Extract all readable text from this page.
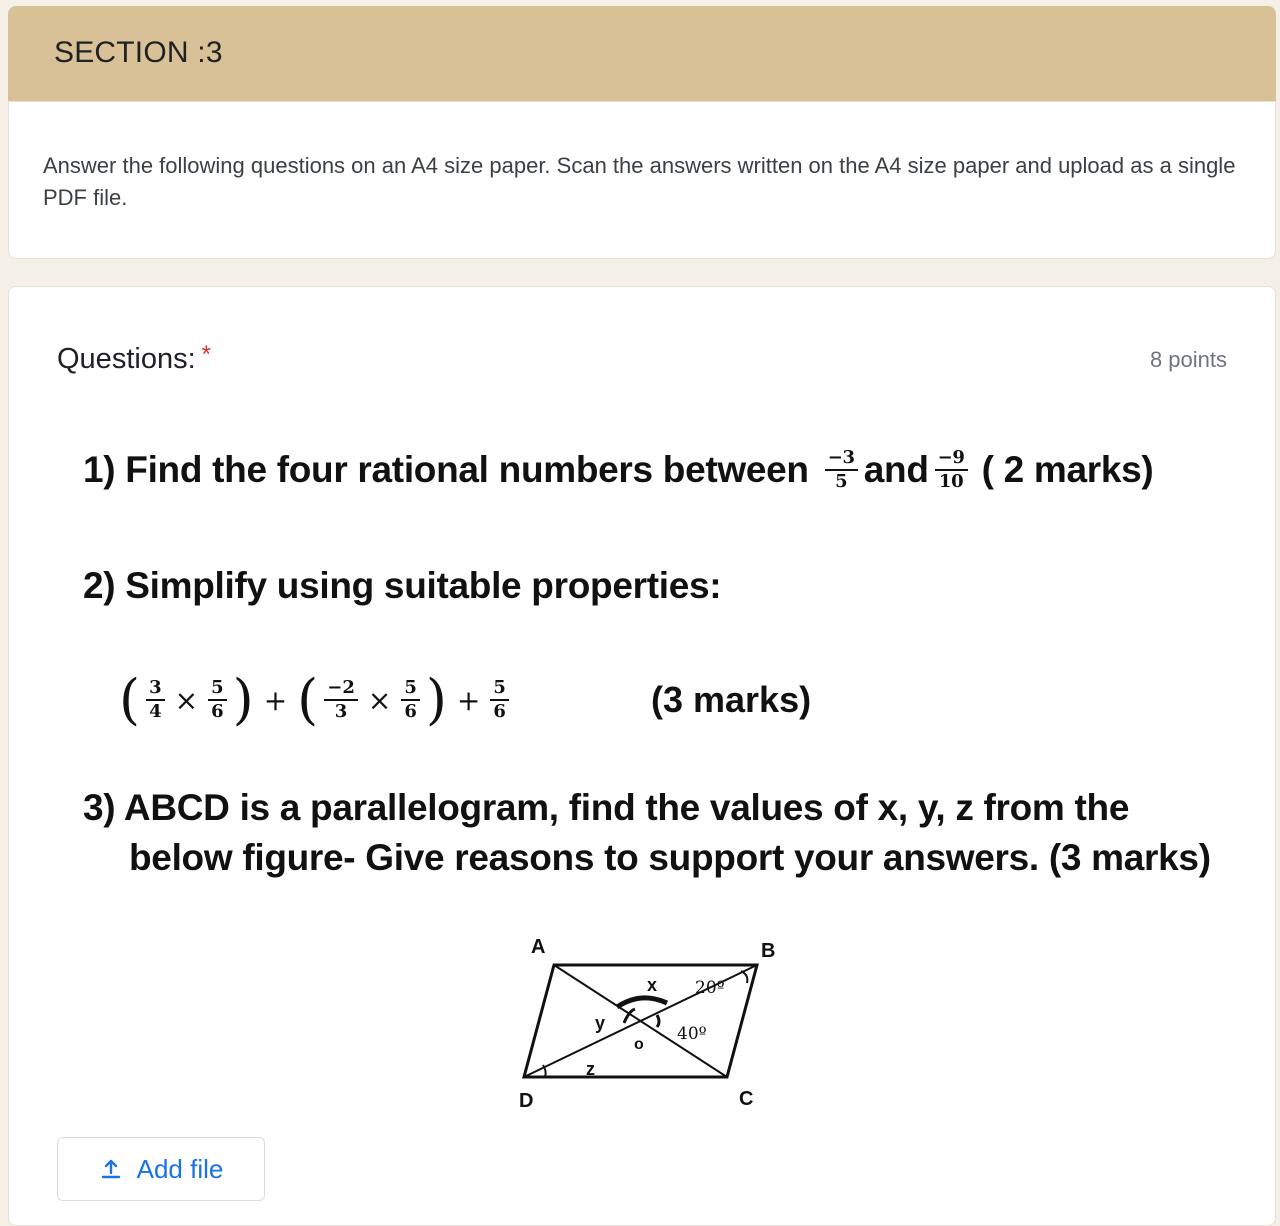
SECTION :3
Answer the following questions on an A4 size paper. Scan the answers written on the A4 size paper and upload as a single PDF file.
Questions: *	8 points
1) Find the four rational numbers between $\frac{-3}{5}$ and $\frac{-9}{10}$ ( 2 marks)
2) Simplify using suitable properties:
( $\frac{3}{4} \times \frac{5}{6}$ ) + ( $\frac{-2}{3} \times \frac{5}{6}$ ) + $\frac{5}{6}$	(3 marks)
3) ABCD is a parallelogram, find the values of x, y, z from the
below figure- Give reasons to support your answers. (3 marks)
A	B
C
D
x
y
z
o
20º
40º
Add file
